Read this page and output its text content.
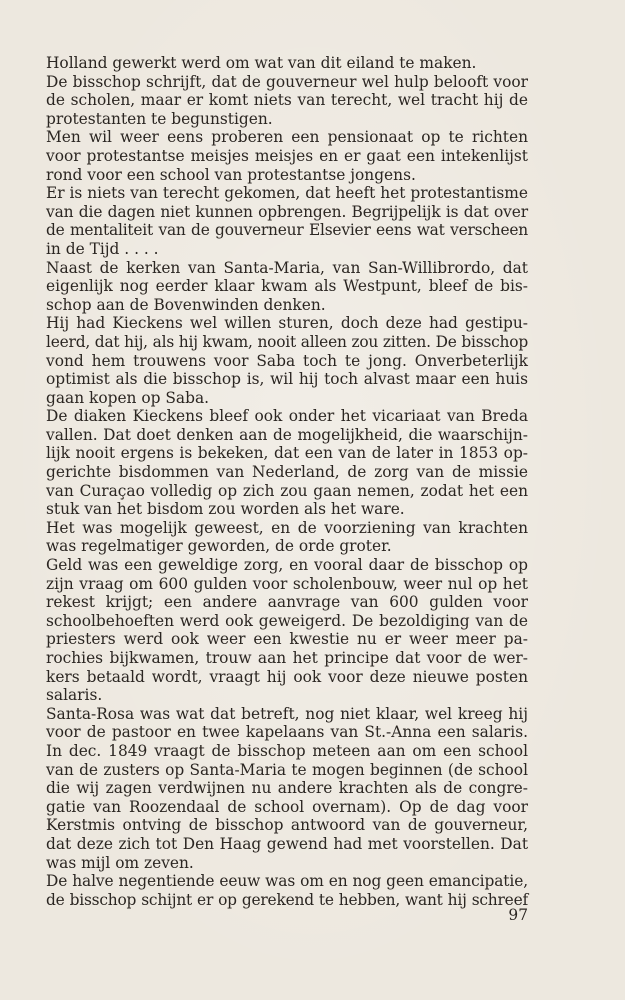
Holland gewerkt werd om wat van dit eiland te maken.
De bisschop schrijft, dat de gouverneur wel hulp belooft voor
de scholen, maar er komt niets van terecht, wel tracht hij de
protestanten te begunstigen.
Men wil weer eens proberen een pensionaat op te richten
voor protestantse meisjes meisjes en er gaat een intekenlijst
rond voor een school van protestantse jongens.
Er is niets van terecht gekomen, dat heeft het protestantisme
van die dagen niet kunnen opbrengen. Begrijpelijk is dat over
de mentaliteit van de gouverneur Elsevier eens wat verscheen
in de Tijd . . . .
Naast de kerken van Santa-Maria, van San-Willibrordo, dat
eigenlijk nog eerder klaar kwam als Westpunt, bleef de bis-
schop aan de Bovenwinden denken.
Hij had Kieckens wel willen sturen, doch deze had gestipu-
leerd, dat hij, als hij kwam, nooit alleen zou zitten. De bisschop
vond hem trouwens voor Saba toch te jong. Onverbeterlijk
optimist als die bisschop is, wil hij toch alvast maar een huis
gaan kopen op Saba.
De diaken Kieckens bleef ook onder het vicariaat van Breda
vallen. Dat doet denken aan de mogelijkheid, die waarschijn-
lijk nooit ergens is bekeken, dat een van de later in 1853 op-
gerichte bisdommen van Nederland, de zorg van de missie
van Curaçao volledig op zich zou gaan nemen, zodat het een
stuk van het bisdom zou worden als het ware.
Het was mogelijk geweest, en de voorziening van krachten
was regelmatiger geworden, de orde groter.
Geld was een geweldige zorg, en vooral daar de bisschop op
zijn vraag om 600 gulden voor scholenbouw, weer nul op het
rekest krijgt; een andere aanvrage van 600 gulden voor
schoolbehoeften werd ook geweigerd. De bezoldiging van de
priesters werd ook weer een kwestie nu er weer meer pa-
rochies bijkwamen, trouw aan het principe dat voor de wer-
kers betaald wordt, vraagt hij ook voor deze nieuwe posten
salaris.
Santa-Rosa was wat dat betreft, nog niet klaar, wel kreeg hij
voor de pastoor en twee kapelaans van St.-Anna een salaris.
In dec. 1849 vraagt de bisschop meteen aan om een school
van de zusters op Santa-Maria te mogen beginnen (de school
die wij zagen verdwijnen nu andere krachten als de congre-
gatie van Roozendaal de school overnam). Op de dag voor
Kerstmis ontving de bisschop antwoord van de gouverneur,
dat deze zich tot Den Haag gewend had met voorstellen. Dat
was mijl om zeven.
De halve negentiende eeuw was om en nog geen emancipatie,
de bisschop schijnt er op gerekend te hebben, want hij schreef
97
